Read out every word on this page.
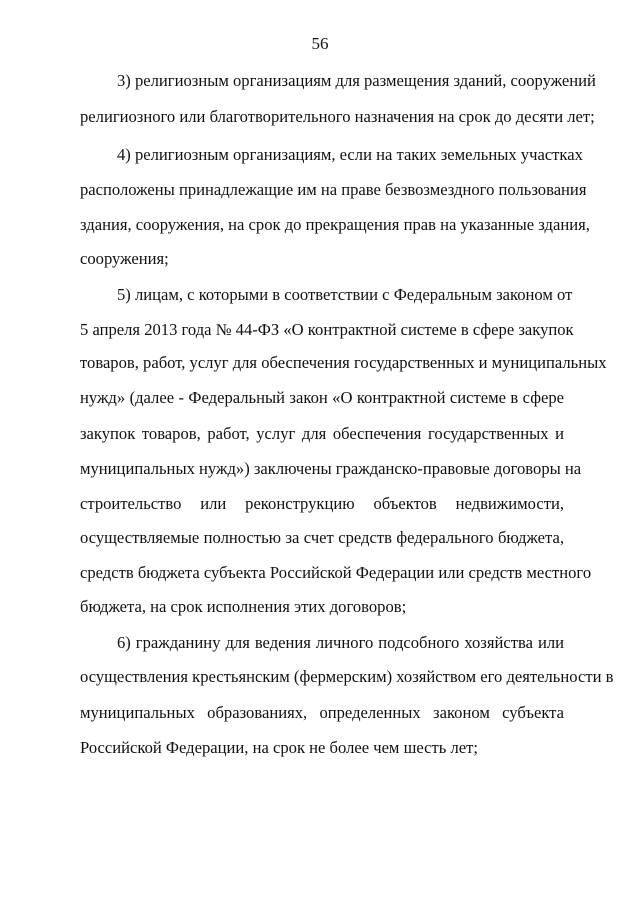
56

3) религиозным организациям для размещения зданий, сооружений

религиозного или благотворительного назначения на срок до десяти лет;

4) религиозным организациям, если на таких земельных участках

расположены принадлежащие им на праве безвозмездного пользования

здания, сооружения, на срок до прекращения прав на указанные здания,

сооружения;

5) лицам, с которыми в соответствии с Федеральным законом от

5 апреля 2013 года № 44-ФЗ «О контрактной системе в сфере закупок

товаров, работ, услуг для обеспечения государственных и муниципальных

нужд» (далее - Федеральный закон «О контрактной системе в сфере

закупок товаров, работ, услуг для обеспечения государственных и

муниципальных нужд») заключены гражданско-правовые договоры на

строительство или реконструкцию объектов недвижимости,

осуществляемые полностью за счет средств федерального бюджета,

средств бюджета субъекта Российской Федерации или средств местного

бюджета, на срок исполнения этих договоров;

6) гражданину для ведения личного подсобного хозяйства или

осуществления крестьянским (фермерским) хозяйством его деятельности в

муниципальных образованиях, определенных законом субъекта

Российской Федерации, на срок не более чем шесть лет;
